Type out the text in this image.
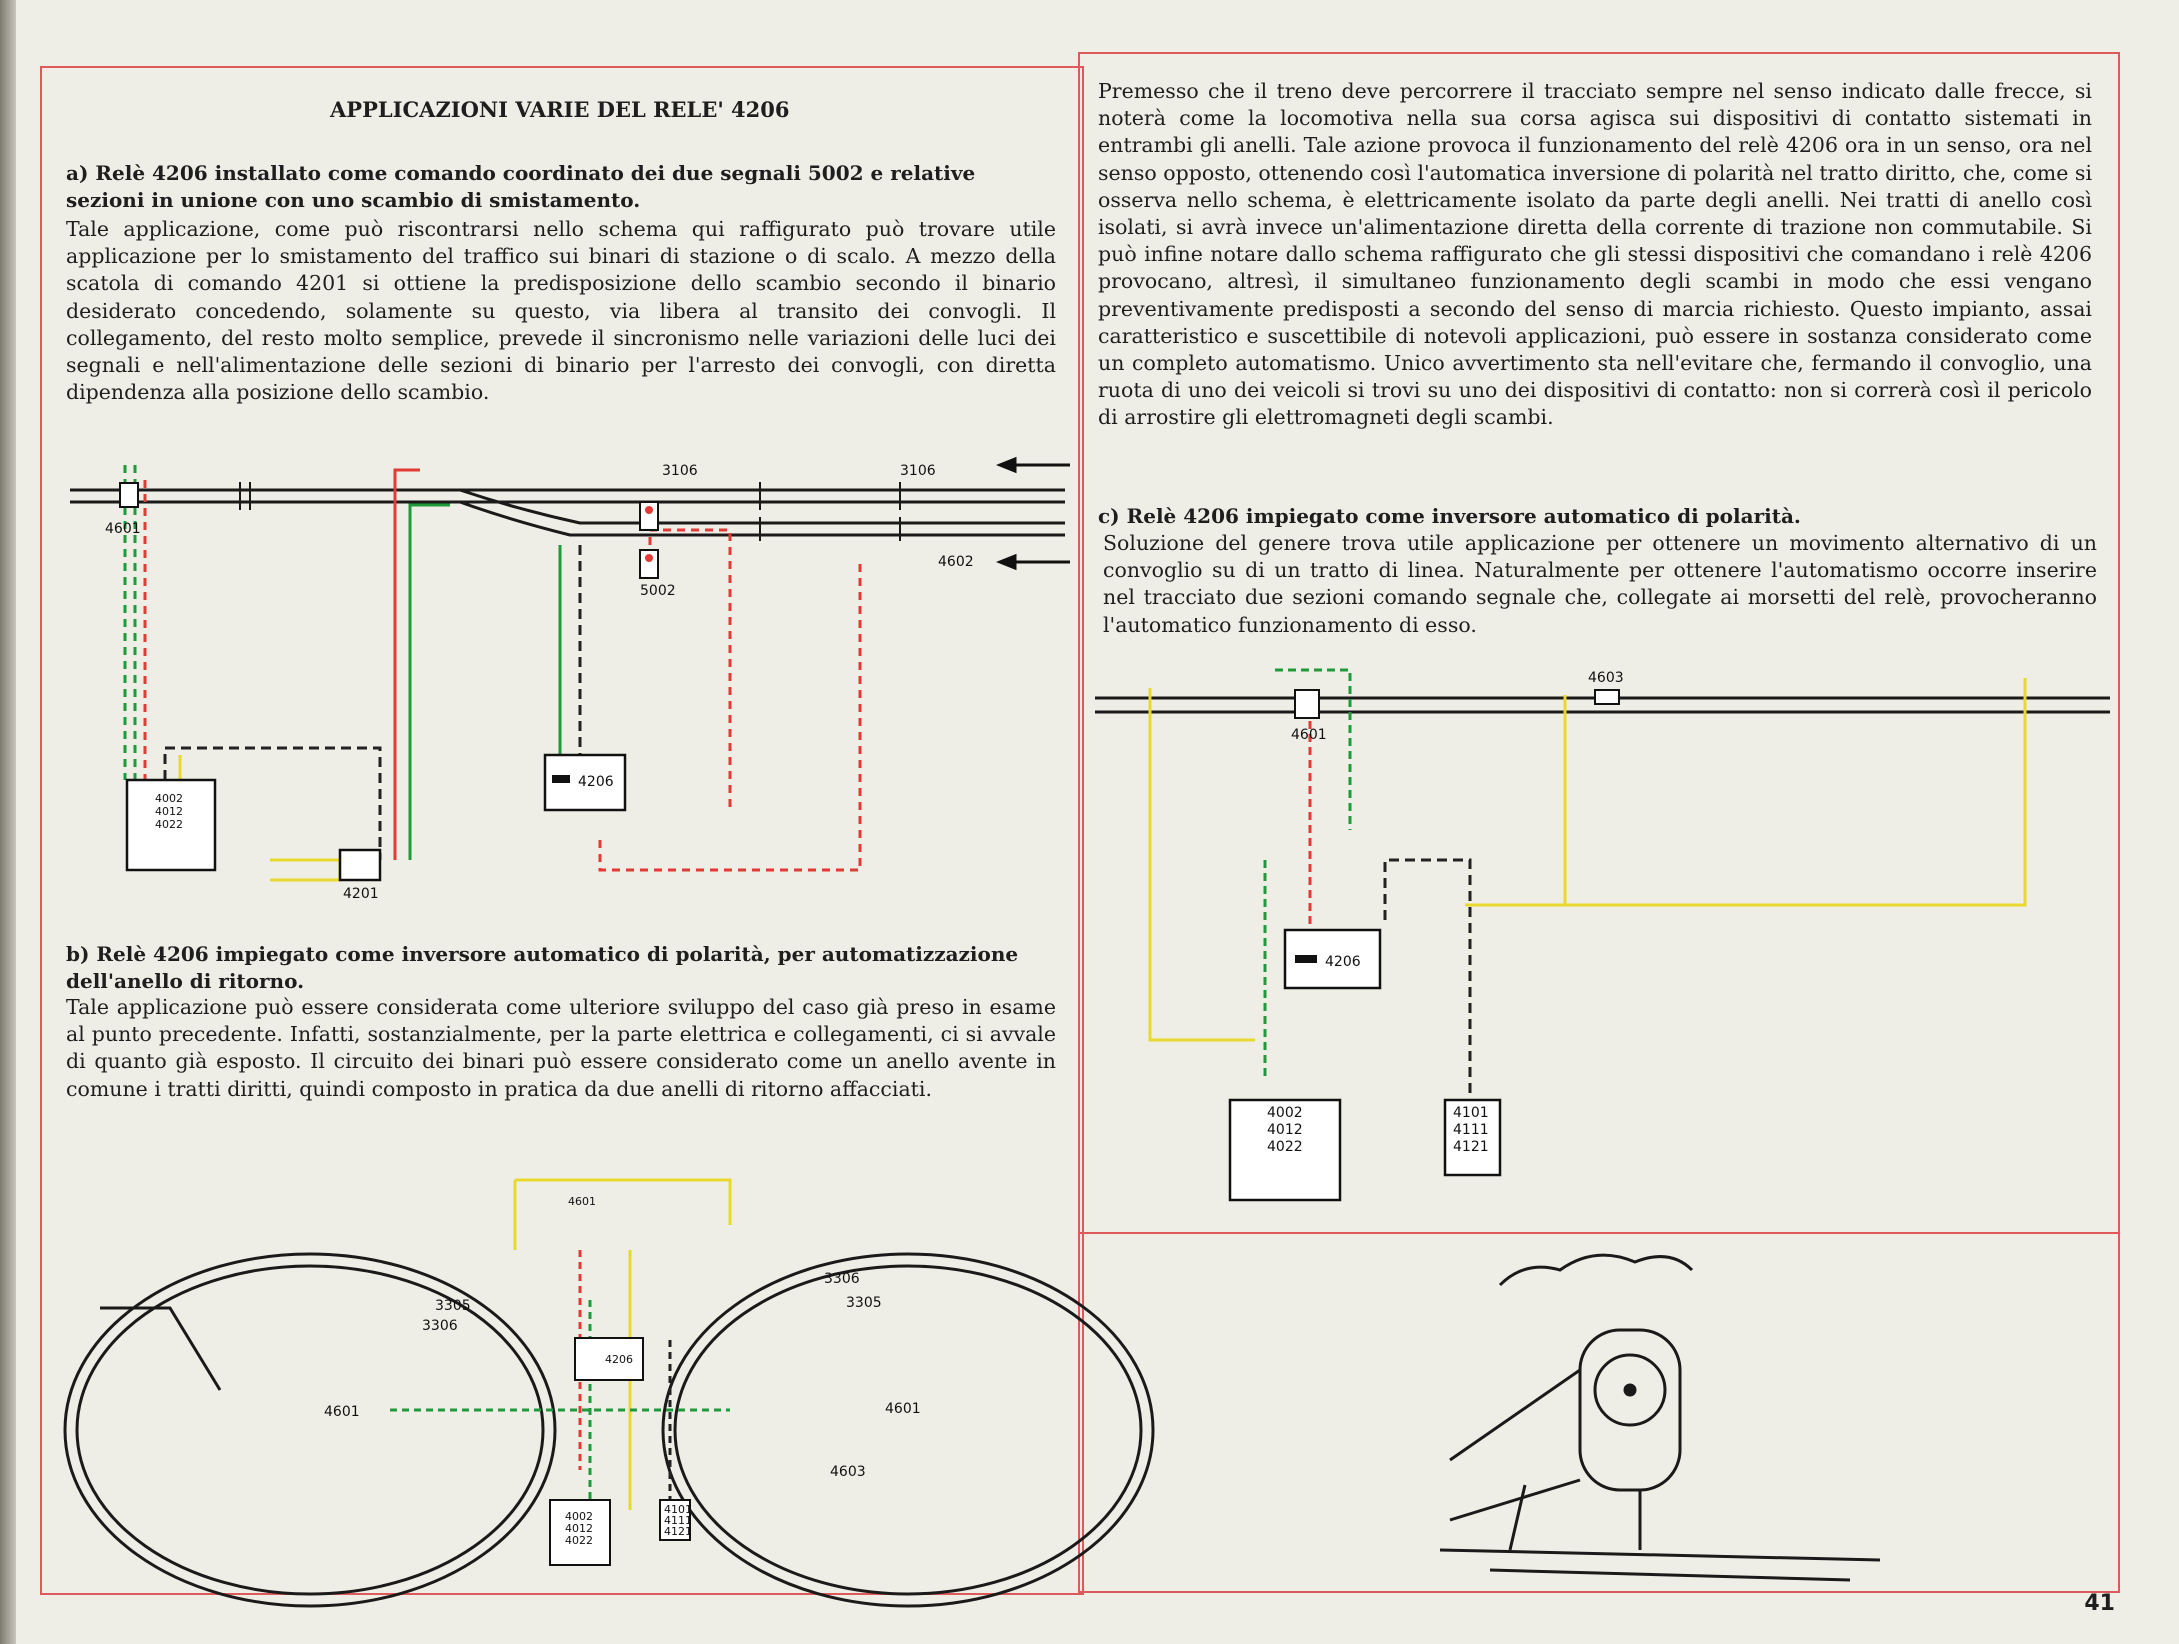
APPLICAZIONI VARIE DEL RELE' 4206

a) Relè 4206 installato come comando coordinato dei due segnali 5002 e relative sezioni in unione con uno scambio di smistamento.

Tale applicazione, come può riscontrarsi nello schema qui raffigurato può trovare utile applicazione per lo smistamento del traffico sui binari di stazione o di scalo. A mezzo della scatola di comando 4201 si ottiene la predisposizione dello scambio secondo il binario desiderato concedendo, solamente su questo, via libera al transito dei convogli. Il collegamento, del resto molto semplice, prevede il sincronismo nelle variazioni delle luci dei segnali e nell'alimentazione delle sezioni di binario per l'arresto dei convogli, con diretta dipendenza alla posizione dello scambio.

b) Relè 4206 impiegato come inversore automatico di polarità, per automatizzazione dell'anello di ritorno.

Tale applicazione può essere considerata come ulteriore sviluppo del caso già preso in esame al punto precedente. Infatti, sostanzialmente, per la parte elettrica e collegamenti, ci si avvale di quanto già esposto. Il circuito dei binari può essere considerato come un anello avente in comune i tratti diritti, quindi composto in pratica da due anelli di ritorno affacciati.

Premesso che il treno deve percorrere il tracciato sempre nel senso indicato dalle frecce, si noterà come la locomotiva nella sua corsa agisca sui dispositivi di contatto sistemati in entrambi gli anelli. Tale azione provoca il funzionamento del relè 4206 ora in un senso, ora nel senso opposto, ottenendo così l'automatica inversione di polarità nel tratto diritto, che, come si osserva nello schema, è elettricamente isolato da parte degli anelli. Nei tratti di anello così isolati, si avrà invece un'alimentazione diretta della corrente di trazione non commutabile. Si può infine notare dallo schema raffigurato che gli stessi dispositivi che comandano i relè 4206 provocano, altresì, il simultaneo funzionamento degli scambi in modo che essi vengano preventivamente predisposti a secondo del senso di marcia richiesto. Questo impianto, assai caratteristico e suscettibile di notevoli applicazioni, può essere in sostanza considerato come un completo automatismo. Unico avvertimento sta nell'evitare che, fermando il convoglio, una ruota di uno dei veicoli si trovi su uno dei dispositivi di contatto: non si correrà così il pericolo di arrostire gli elettromagneti degli scambi.

c) Relè 4206 impiegato come inversore automatico di polarità.

Soluzione del genere trova utile applicazione per ottenere un movimento alternativo di un convoglio su di un tratto di linea. Naturalmente per ottenere l'automatismo occorre inserire nel tracciato due sezioni comando segnale che, collegate ai morsetti del relè, provocheranno l'automatico funzionamento di esso.

4002
4012
4022
4206
4201
5002
4601
3106	3106
4602
4206
4002
4012
4022
4101
4111
4121
4601
3305
3306
3306
3305
4601	4601
4603
4206
4002
4012
4022
4101
4111
4121
4603
4601
41
